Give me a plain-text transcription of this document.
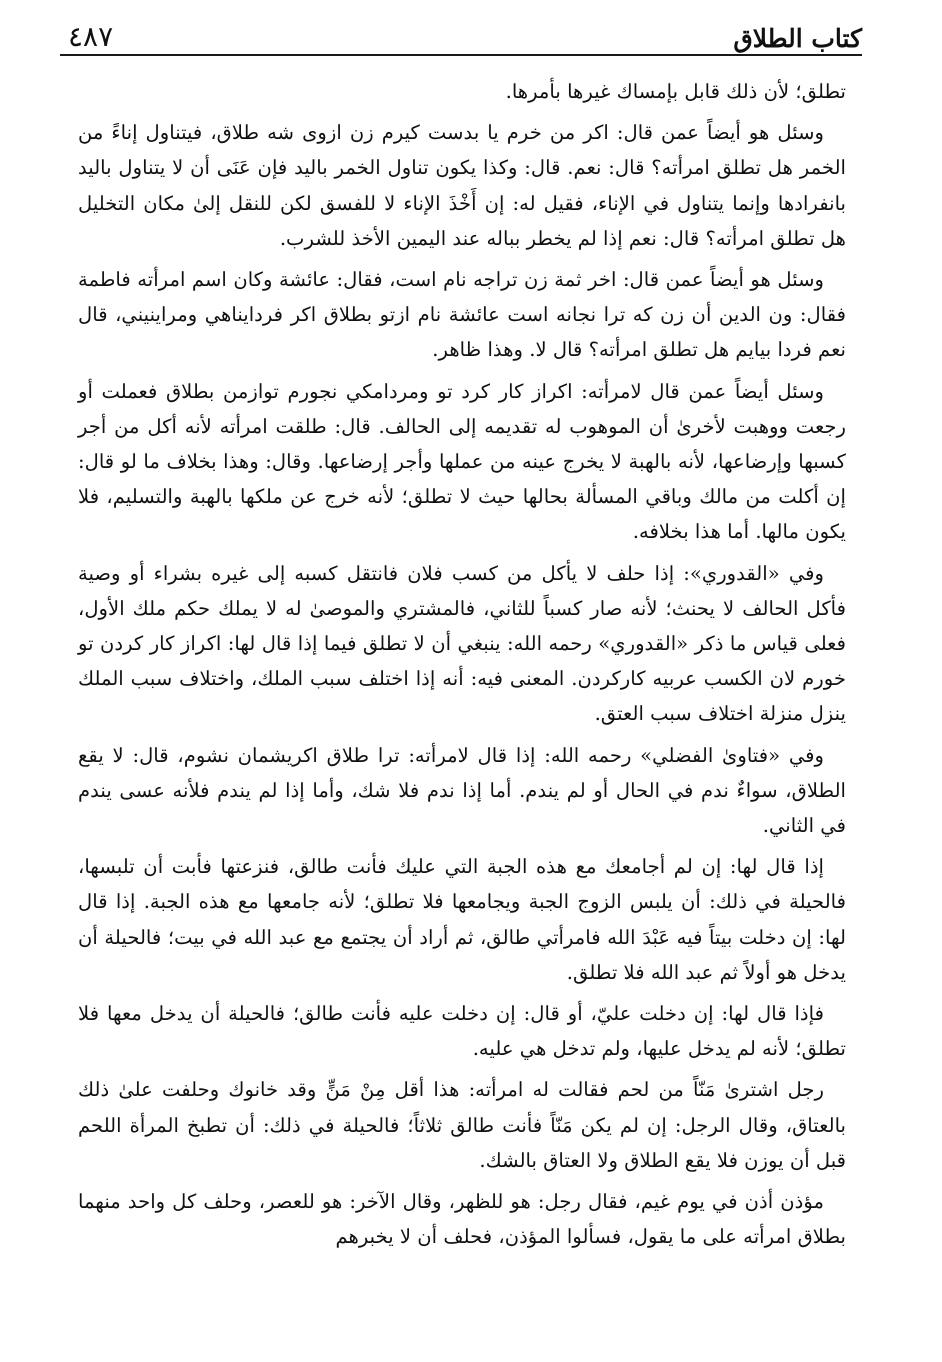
كتاب الطلاق
٤٨٧

تطلق؛ لأن ذلك قابل بإمساك غيرها بأمرها.

وسئل هو أيضاً عمن قال: اكر من خرم يا بدست كيرم زن ازوى شه طلاق، فيتناول إناءً من الخمر هل تطلق امرأته؟ قال: نعم. قال: وكذا يكون تناول الخمر باليد فإن عَنَى أن لا يتناول باليد بانفرادها وإنما يتناول في الإناء، فقيل له: إن أَخْذَ الإناء لا للفسق لكن للنقل إلىٰ مكان التخليل هل تطلق امرأته؟ قال: نعم إذا لم يخطر بباله عند اليمين الأخذ للشرب.

وسئل هو أيضاً عمن قال: اخر ثمة زن تراجه نام است، فقال: عائشة وكان اسم امرأته فاطمة فقال: ون الدين أن زن كه ترا نجانه است عائشة نام ازتو بطلاق اكر فردايناهي ومراينيني، قال نعم فردا بيايم هل تطلق امرأته؟ قال لا. وهذا ظاهر.

وسئل أيضاً عمن قال لامرأته: اكراز كار كرد تو ومردامكي نجورم توازمن بطلاق فعملت أو رجعت ووهبت لأخرىٰ أن الموهوب له تقديمه إلى الحالف. قال: طلقت امرأته لأنه أكل من أجر كسبها وإرضاعها، لأنه بالهبة لا يخرج عينه من عملها وأجر إرضاعها. وقال: وهذا بخلاف ما لو قال: إن أكلت من مالك وباقي المسألة بحالها حيث لا تطلق؛ لأنه خرج عن ملكها بالهبة والتسليم، فلا يكون مالها. أما هذا بخلافه.

وفي «القدوري»: إذا حلف لا يأكل من كسب فلان فانتقل كسبه إلى غيره بشراء أو وصية فأكل الحالف لا يحنث؛ لأنه صار كسباً للثاني، فالمشتري والموصىٰ له لا يملك حكم ملك الأول، فعلى قياس ما ذكر «القدوري» رحمه الله: ينبغي أن لا تطلق فيما إذا قال لها: اكراز كار كردن تو خورم لان الكسب عربيه كاركردن. المعنى فيه: أنه إذا اختلف سبب الملك، واختلاف سبب الملك ينزل منزلة اختلاف سبب العتق.

وفي «فتاوىٰ الفضلي» رحمه الله: إذا قال لامرأته: ترا طلاق اكريشمان نشوم، قال: لا يقع الطلاق، سواءٌ ندم في الحال أو لم يندم. أما إذا ندم فلا شك، وأما إذا لم يندم فلأنه عسى يندم في الثاني.

إذا قال لها: إن لم أجامعك مع هذه الجبة التي عليك فأنت طالق، فنزعتها فأبت أن تلبسها، فالحيلة في ذلك: أن يلبس الزوج الجبة ويجامعها فلا تطلق؛ لأنه جامعها مع هذه الجبة. إذا قال لها: إن دخلت بيتاً فيه عَبْدَ الله فامرأتي طالق، ثم أراد أن يجتمع مع عبد الله في بيت؛ فالحيلة أن يدخل هو أولاً ثم عبد الله فلا تطلق.

فإذا قال لها: إن دخلت عليّ، أو قال: إن دخلت عليه فأنت طالق؛ فالحيلة أن يدخل معها فلا تطلق؛ لأنه لم يدخل عليها، ولم تدخل هي عليه.

رجل اشترىٰ مَنّاً من لحم فقالت له امرأته: هذا أقل مِنْ مَنٍّ وقد خانوك وحلفت علىٰ ذلك بالعتاق، وقال الرجل: إن لم يكن مَنّاً فأنت طالق ثلاثاً؛ فالحيلة في ذلك: أن تطبخ المرأة اللحم قبل أن يوزن فلا يقع الطلاق ولا العتاق بالشك.

مؤذن أذن في يوم غيم، فقال رجل: هو للظهر، وقال الآخر: هو للعصر، وحلف كل واحد منهما بطلاق امرأته على ما يقول، فسألوا المؤذن، فحلف أن لا يخبرهم
